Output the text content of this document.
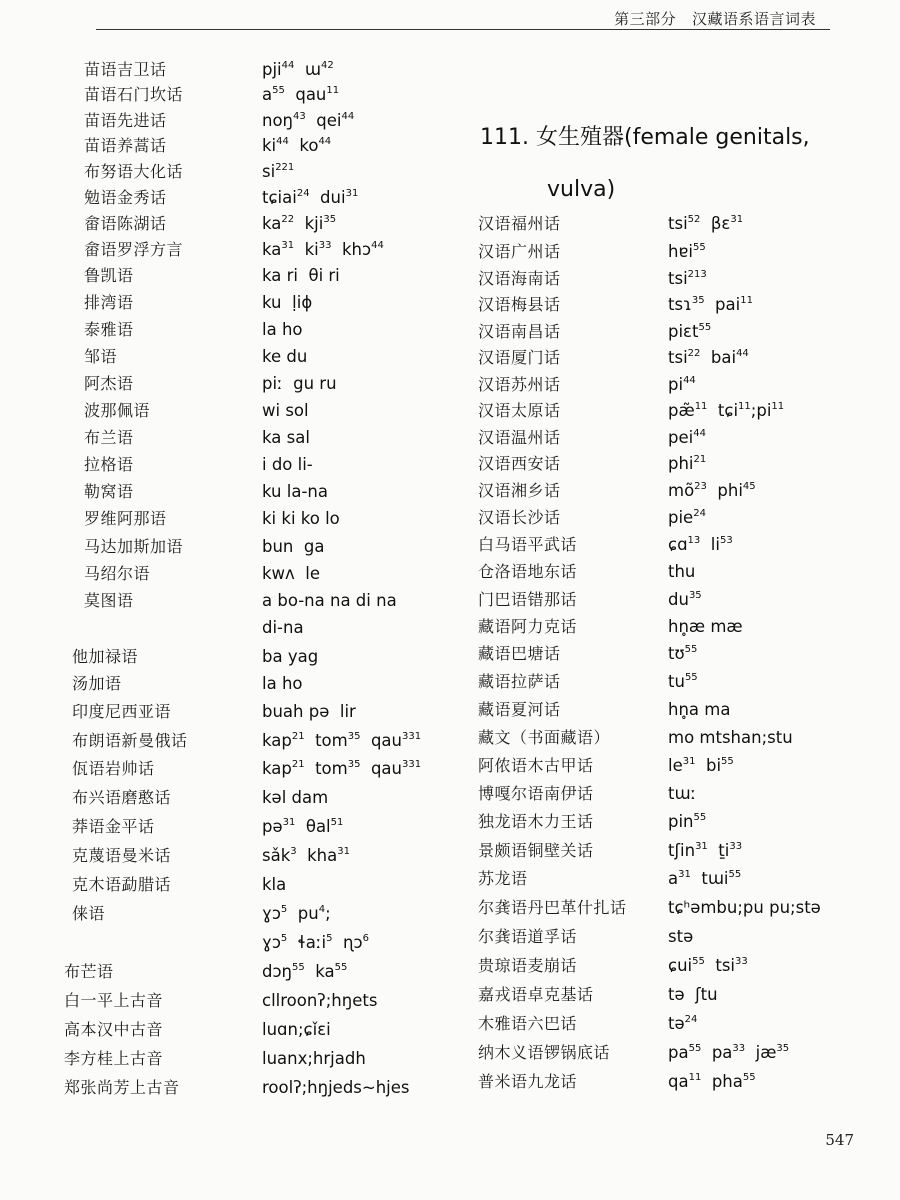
第三部分 汉藏语系语言词表
苗语吉卫话	pji$^{44}$  ɯ$^{42}$
苗语石门坎话	$a^{55}$  qau$^{11}$
苗语先进话	noŋ$^{43}$  qei$^{44}$
苗语养蒿话	$ki^{44}$  $ko^{44}$
布努语大化话	$si^{221}$
勉语金秀话	tɕiai$^{24}$  dui$^{31}$
畲语陈湖话	$ka^{22}$  kji$^{35}$
畲语罗浮方言	$ka^{31}$  $ki^{33}$  khɔ$^{44}$
鲁凯语	ka ri  θi ri
排湾语	ku  ḷiɸ
泰雅语	la ho
邹语	ke du
阿杰语	piː  gu ru
波那佩语	wi sol
布兰语	ka sal
拉格语	i do li-
勒窝语	ku la-na
罗维阿那语	ki ki ko lo
马达加斯加语	bun  ga
马绍尔语	kwʌ  le
莫图语	a bo-na na di na
di-na
他加禄语	ba yag
汤加语	la ho
印度尼西亚语	buah pə  lir
布朗语新曼俄话	kap$^{21}$  tom$^{35}$  qau$^{331}$
佤语岩帅话	kap$^{21}$  tom$^{35}$  qau$^{331}$
布兴语磨憨话	kəl dam
莽语金平话	pə$^{31}$  θal$^{51}$
克蔑语曼米话	sǎk$^3$  kha$^{31}$
克木语勐腊话	kla
俫语	ɣɔ$^5$  $pu^4$;
ɣɔ$^5$  ɬaːi$^5$  ɳɔ$^6$
布芒语	dɔŋ$^{55}$  $ka^{55}$
白一平上古音	cllroonʔ;hŋets
高本汉中古音	luɑn;ɕǐɛi
李方桂上古音	luanx;hrjadh
郑张尚芳上古音	roolʔ;hŋjeds~hjes
111. 女生殖器(female genitals,
vulva)
汉语福州话	tsi$^{52}$  βɛ$^{31}$
汉语广州话	hɐi$^{55}$
汉语海南话	tsi$^{213}$
汉语梅县话	tsɿ$^{35}$  pai$^{11}$
汉语南昌话	piɛt$^{55}$
汉语厦门话	tsi$^{22}$  bai$^{44}$
汉语苏州话	$pi^{44}$
汉语太原话	pæ̃$^{11}$  $tɕi^{11};pi^{11}$
汉语温州话	pei$^{44}$
汉语西安话	phi$^{21}$
汉语湘乡话	$mõ^{23}$  phi$^{45}$
汉语长沙话	pie$^{24}$
白马语平武话	ɕɑ$^{13}$  $li^{53}$
仓洛语地东话	thu
门巴语错那话	$du^{35}$
藏语阿力克话	hn̥æ mæ
藏语巴塘话	tʊ$^{55}$
藏语拉萨话	$tu^{55}$
藏语夏河话	hn̥a ma
藏文（书面藏语）	mo mtshan;stu
阿侬语木古甲话	$le^{31}$  $bi^{55}$
博嘎尔语南伊话	tɯː
独龙语木力王话	pin$^{55}$
景颇语铜壁关话	tʃin$^{31}$  ṯi$^{33}$
苏龙语	$a^{31}$  tɯi$^{55}$
尔龚语丹巴革什扎话	tɕʰəmbu;pu pu;stə
尔龚语道孚话	stə
贵琼语麦崩话	ɕui$^{55}$  tsi$^{33}$
嘉戎语卓克基话	tə  ʃtu
木雅语六巴话	tə$^{24}$
纳木义语锣锅底话	$pa^{55}$  $pa^{33}$  $jæ^{35}$
普米语九龙话	$qa^{11}$  pha$^{55}$
547
